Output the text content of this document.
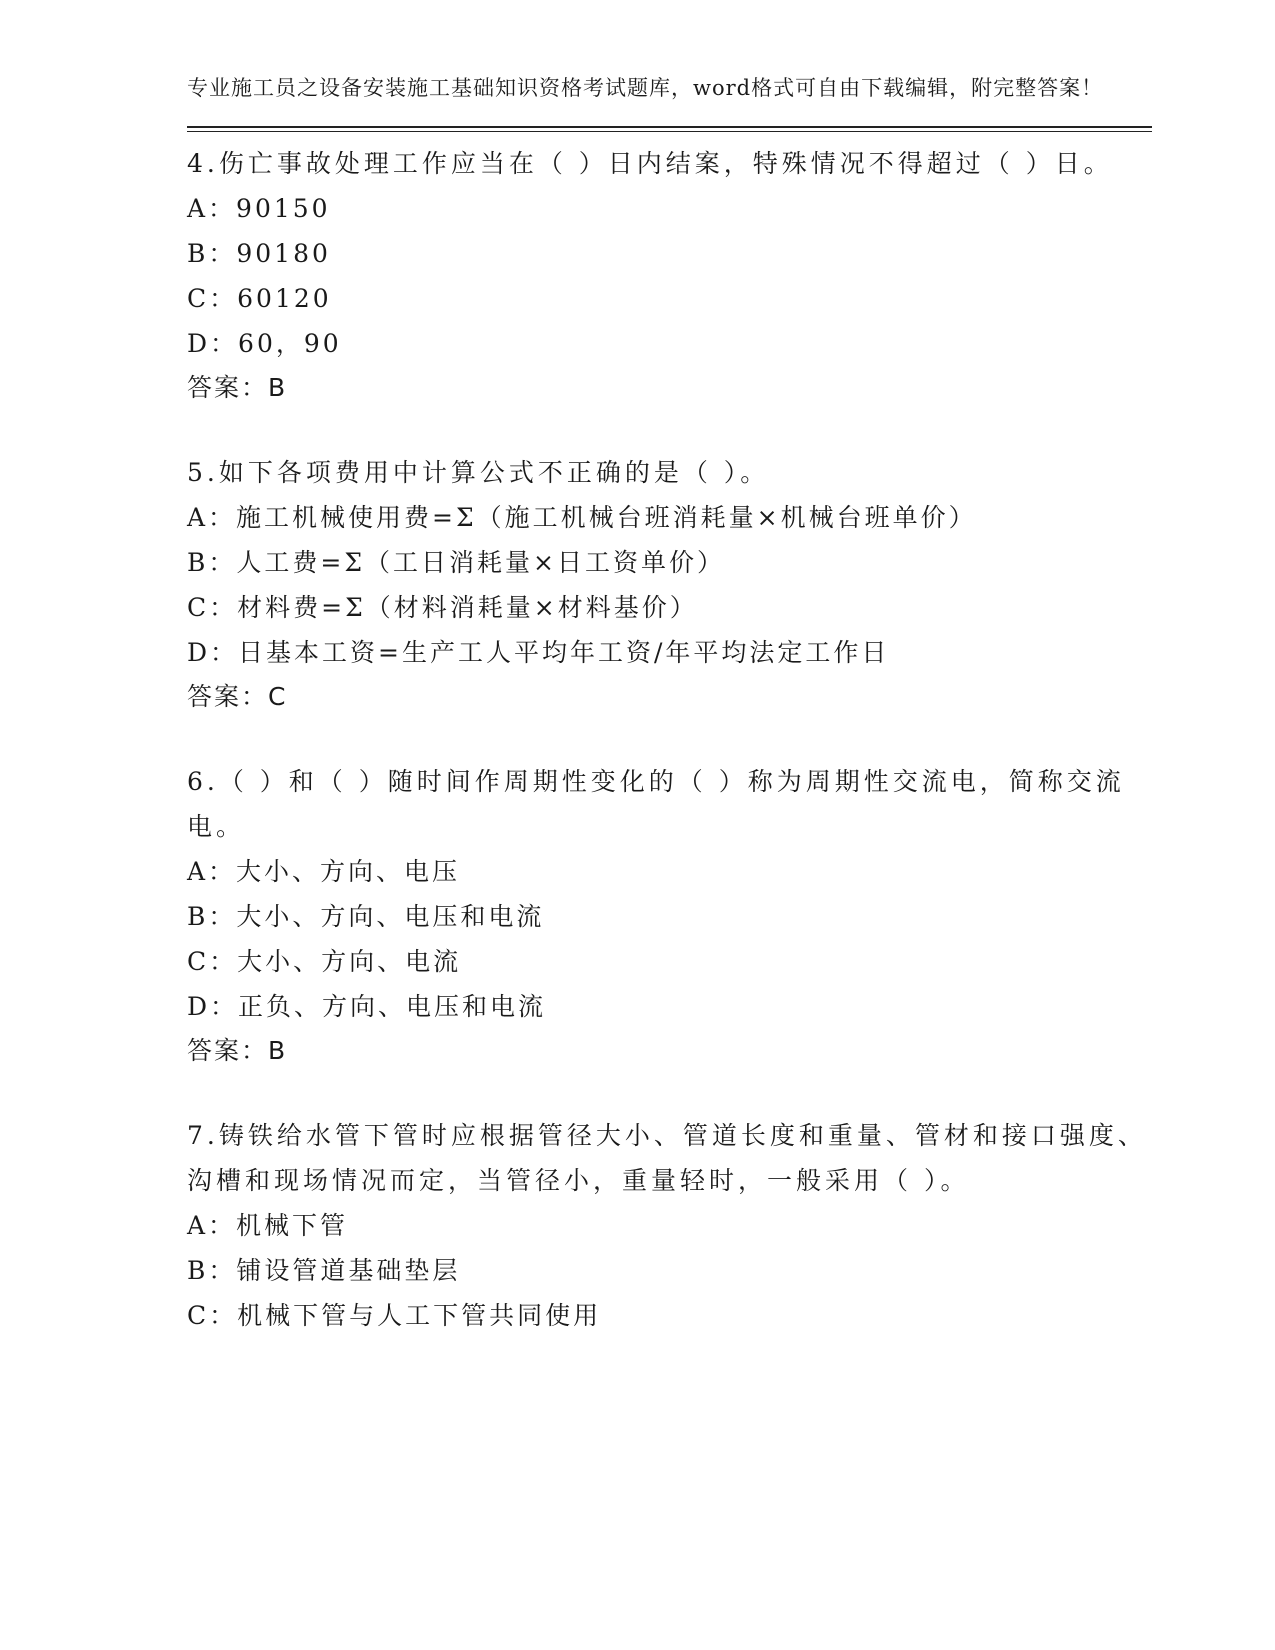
专业施工员之设备安装施工基础知识资格考试题库，word格式可自由下载编辑，附完整答案！

4.伤亡事故处理工作应当在（ ）日内结案，特殊情况不得超过（ ）日。

A：90150

B：90180

C：60120

D：60，90

答案：B

5.如下各项费用中计算公式不正确的是（ ）。

A：施工机械使用费=Σ（施工机械台班消耗量×机械台班单价）

B：人工费=Σ（工日消耗量×日工资单价）

C：材料费=Σ（材料消耗量×材料基价）

D：日基本工资=生产工人平均年工资/年平均法定工作日

答案：C

6.（ ）和（ ）随时间作周期性变化的（ ）称为周期性交流电，简称交流电。

A：大小、方向、电压

B：大小、方向、电压和电流

C：大小、方向、电流

D：正负、方向、电压和电流

答案：B

7.铸铁给水管下管时应根据管径大小、管道长度和重量、管材和接口强度、沟槽和现场情况而定，当管径小，重量轻时，一般采用（ ）。

A：机械下管

B：铺设管道基础垫层

C：机械下管与人工下管共同使用
